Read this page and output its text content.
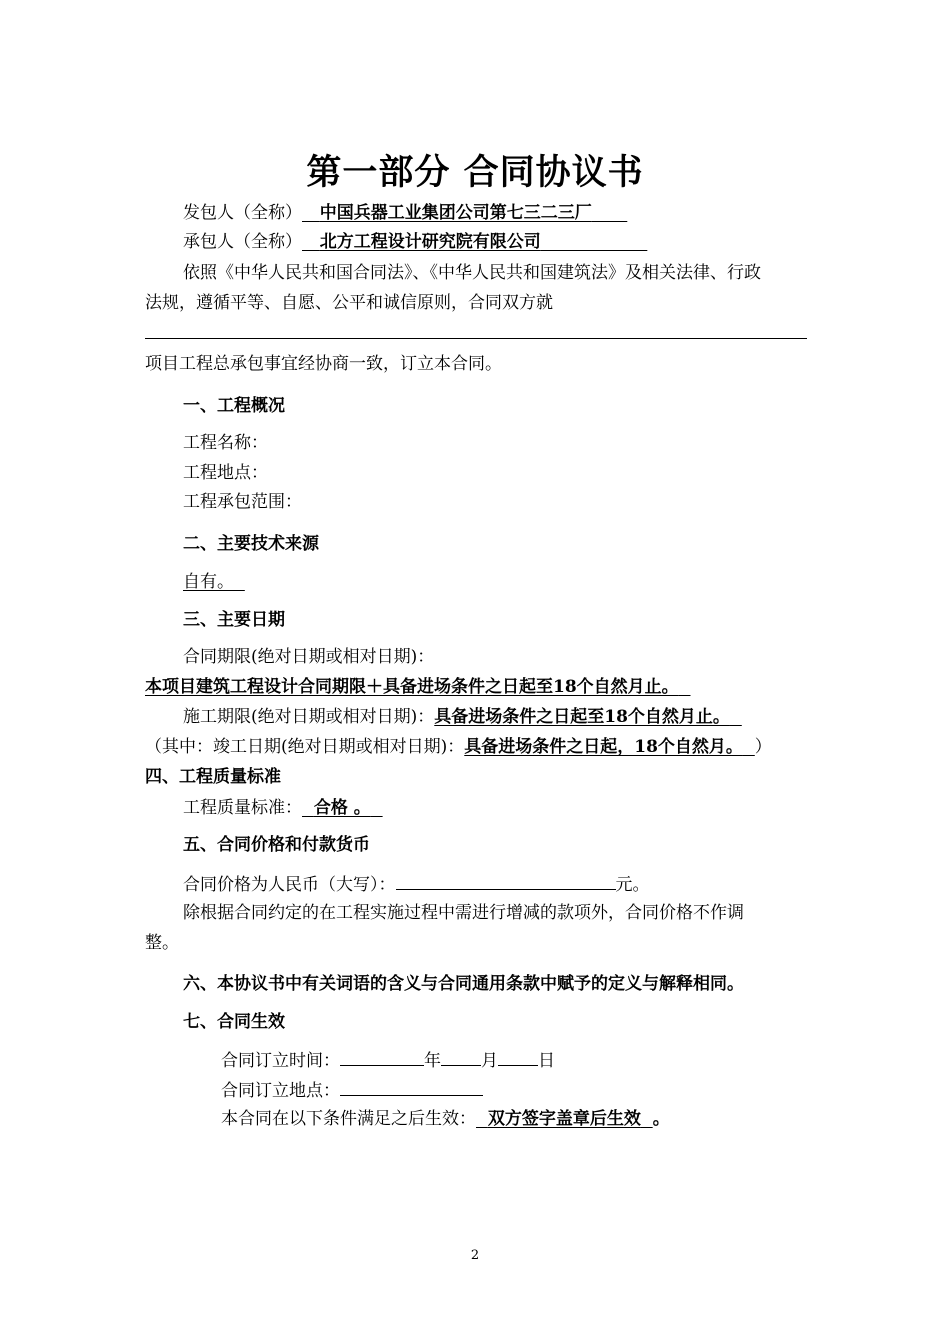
第一部分 合同协议书
发包人（全称） 中国兵器工业集团公司第七三二三厂
承包人（全称） 北方工程设计研究院有限公司
依照《中华人民共和国合同法》、《中华人民共和国建筑法》及相关法律、行政
法规，遵循平等、自愿、公平和诚信原则，合同双方就
项目工程总承包事宜经协商一致，订立本合同。
一、工程概况
工程名称：
工程地点：
工程承包范围：
二、主要技术来源
自有。
三、主要日期
合同期限(绝对日期或相对日期)：
本项目建筑工程设计合同期限＋具备进场条件之日起至18个自然月止。
施工期限(绝对日期或相对日期)：具备进场条件之日起至18个自然月止。
（其中：竣工日期(绝对日期或相对日期)：具备进场条件之日起，18个自然月。 ）
四、工程质量标准
工程质量标准： 合格 。
五、合同价格和付款货币
合同价格为人民币（大写）：	元。
除根据合同约定的在工程实施过程中需进行增减的款项外，合同价格不作调
整。
六、本协议书中有关词语的含义与合同通用条款中赋予的定义与解释相同。
七、合同生效
合同订立时间：	年 月 日
合同订立地点：
本合同在以下条件满足之后生效： 双方签字盖章后生效 。
2
